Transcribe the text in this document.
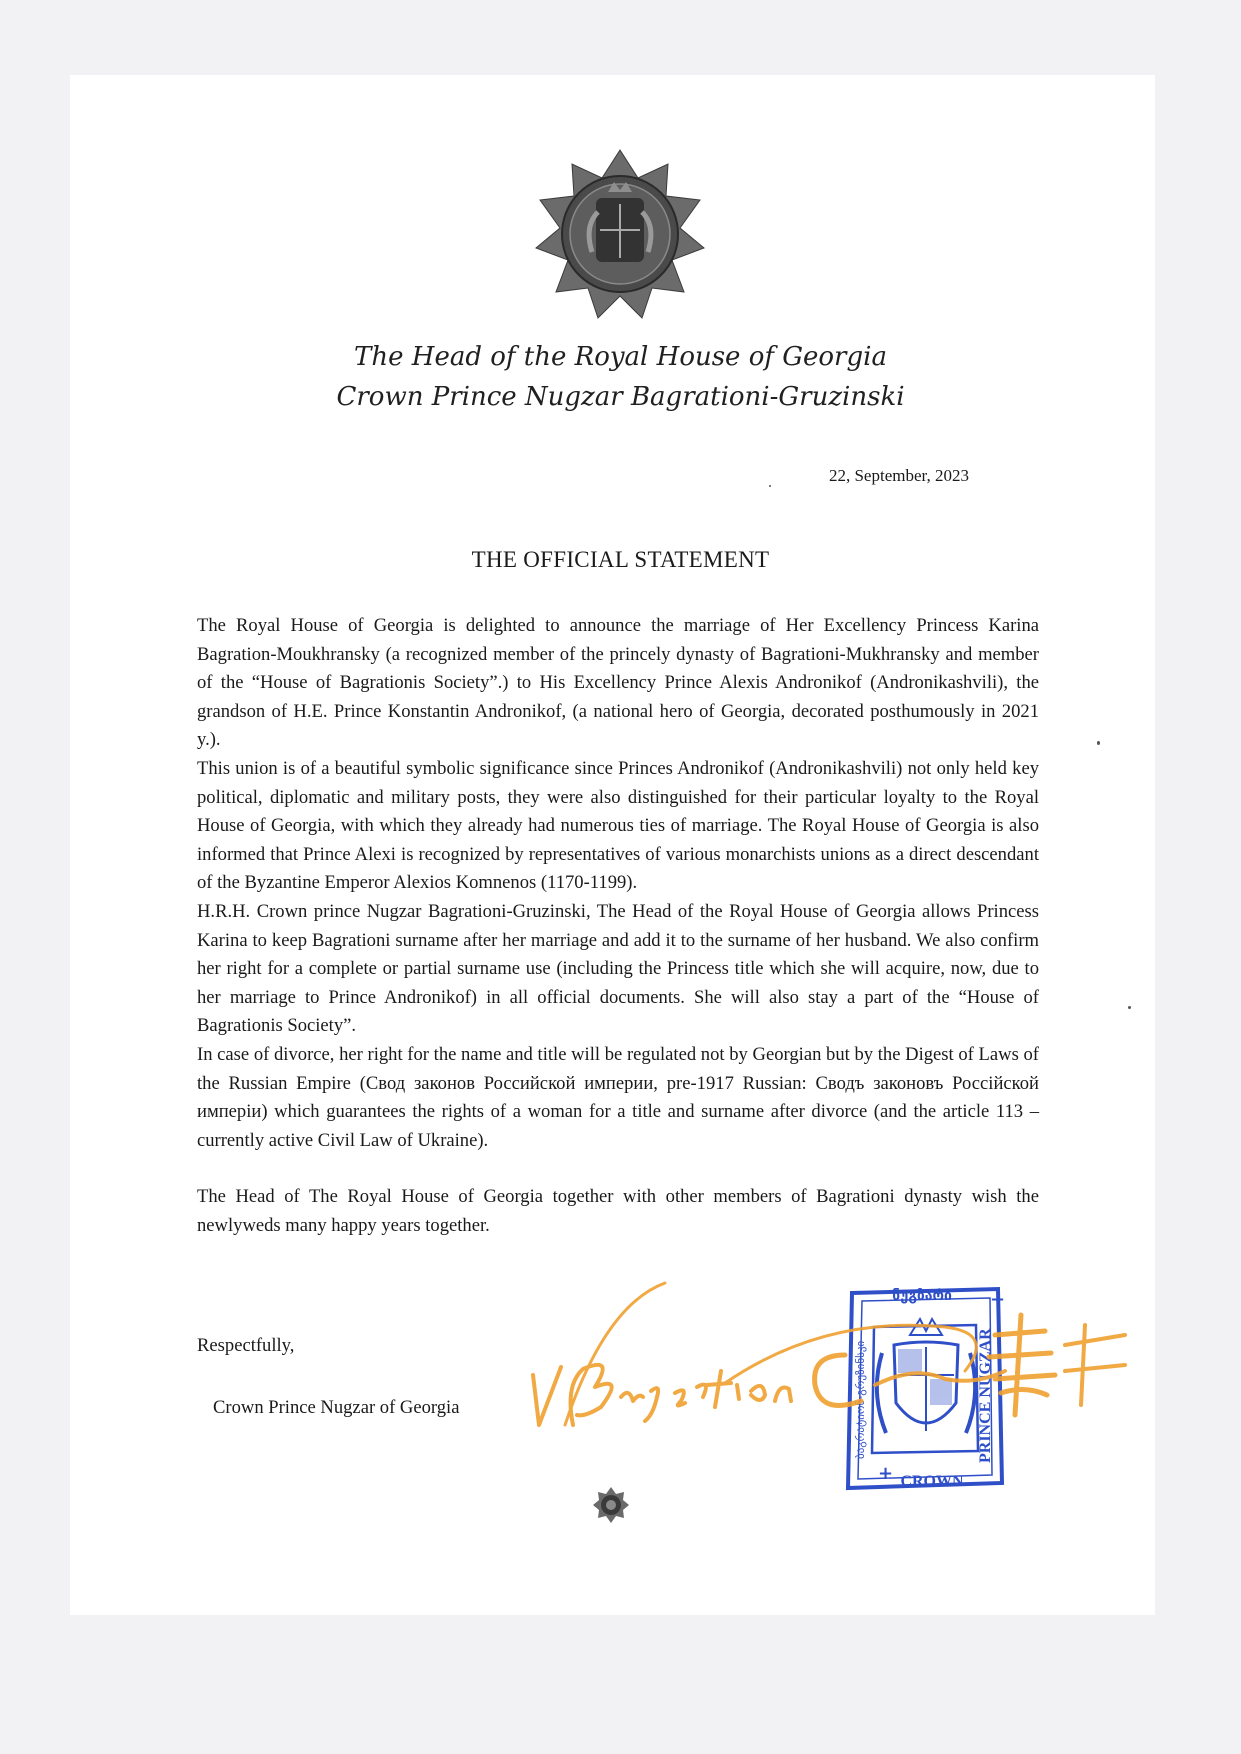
The Head of the Royal House of Georgia
Crown Prince Nugzar Bagrationi-Gruzinski
22, September, 2023
THE OFFICIAL STATEMENT

The Royal House of Georgia is delighted to announce the marriage of Her Excellency Princess Karina Bagration-Moukhransky (a recognized member of the princely dynasty of Bagrationi-Mukhransky and member of the “House of Bagrationis Society”.) to His Excellency Prince Alexis Andronikof (Andronikashvili), the grandson of H.E. Prince Konstantin Andronikof, (a national hero of Georgia, decorated posthumously in 2021 y.).

This union is of a beautiful symbolic significance since Princes Andronikof (Andronikashvili) not only held key political, diplomatic and military posts, they were also distinguished for their particular loyalty to the Royal House of Georgia, with which they already had numerous ties of marriage. The Royal House of Georgia is also informed that Prince Alexi is recognized by representatives of various monarchists unions as a direct descendant of the Byzantine Emperor Alexios Komnenos (1170-1199).

H.R.H. Crown prince Nugzar Bagrationi-Gruzinski, The Head of the Royal House of Georgia allows Princess Karina to keep Bagrationi surname after her marriage and add it to the surname of her husband. We also confirm her right for a complete or partial surname use (including the Princess title which she will acquire, now, due to her marriage to Prince Andronikof) in all official documents. She will also stay a part of the “House of Bagrationis Society”.

In case of divorce, her right for the name and title will be regulated not by Georgian but by the Digest of Laws of the Russian Empire (Свод законов Российской империи, pre-1917 Russian: Сводъ законовъ Россійской имперіи) which guarantees the rights of a woman for a title and surname after divorce (and the article 113 – currently active Civil Law of Ukraine).

The Head of The Royal House of Georgia together with other members of Bagrationi dynasty wish the newlyweds many happy years together.

Respectfully,
Crown Prince Nugzar of Georgia
ნუგზარი
CROWN
PRINCE NUGZAR
ბაგრატიონ-გრუზინსკი
+
+
